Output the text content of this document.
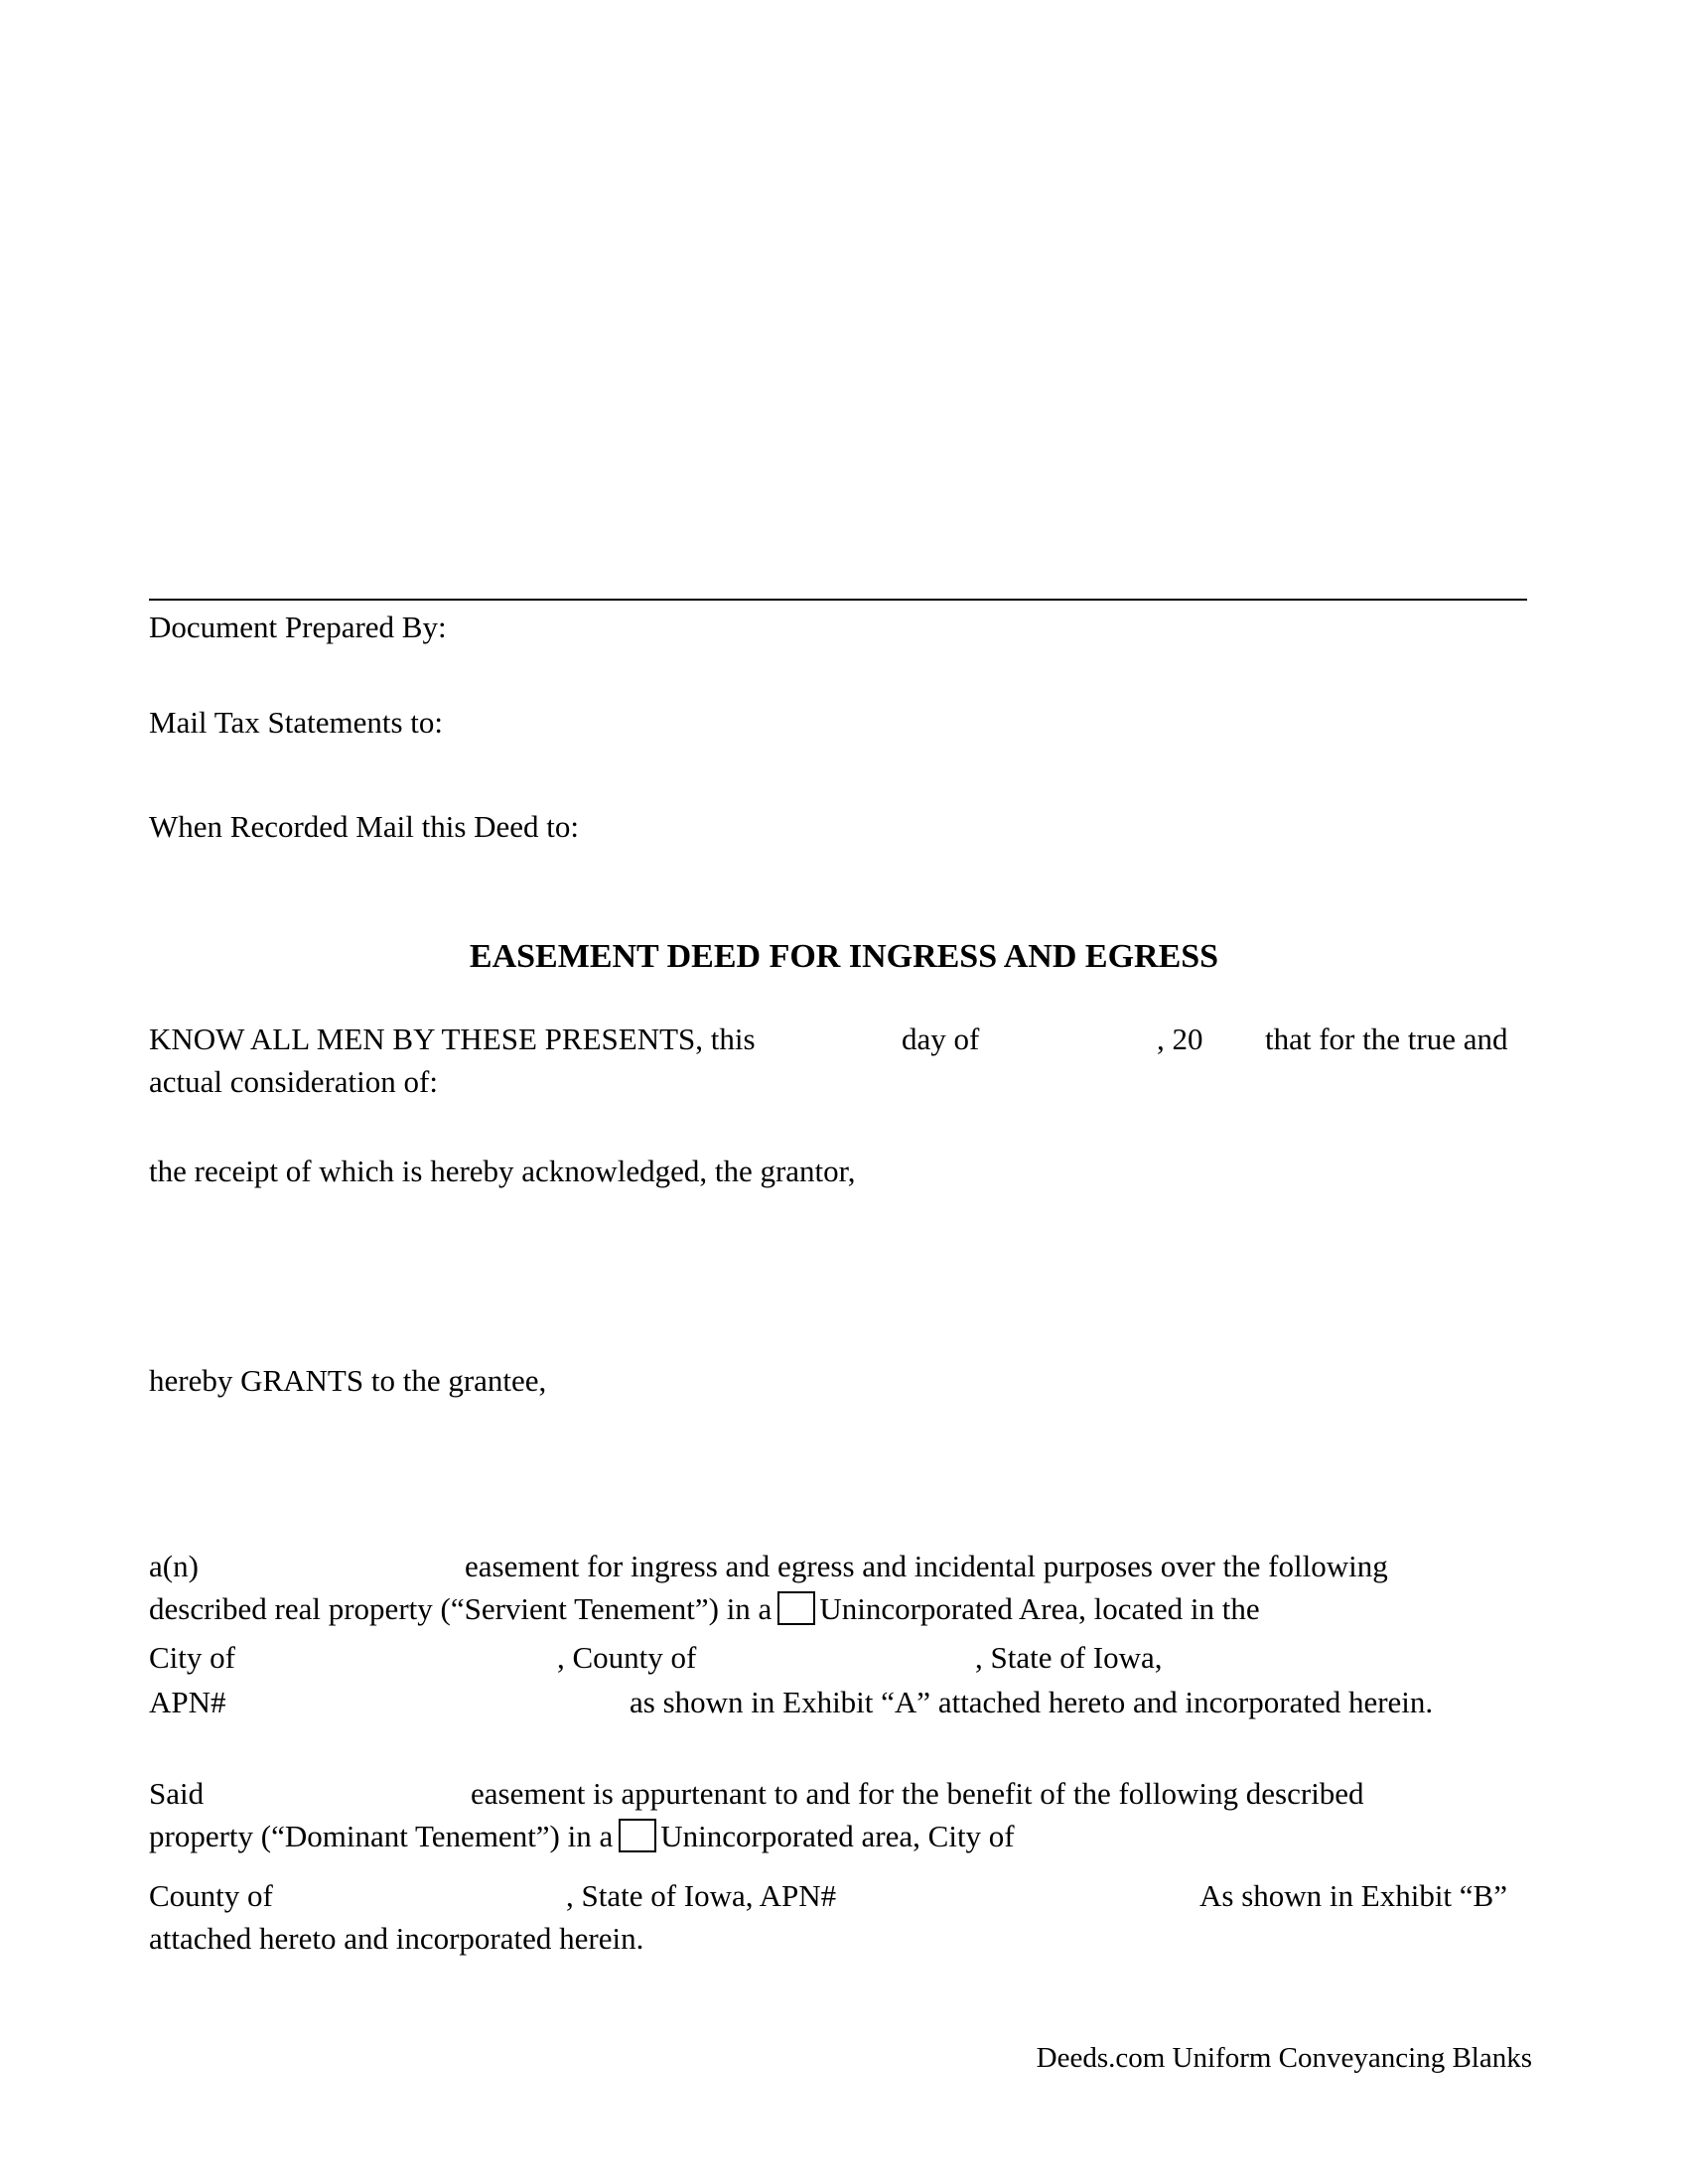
Document Prepared By:
Mail Tax Statements to:
When Recorded Mail this Deed to:
EASEMENT DEED FOR INGRESS AND EGRESS
KNOW ALL MEN BY THESE PRESENTS, this	day of	, 20 that for the true and
actual consideration of:
the receipt of which is hereby acknowledged, the grantor,
hereby GRANTS to the grantee,
a(n)	easement for ingress and egress and incidental purposes over the following
described real property (“Servient Tenement”) in a Unincorporated Area, located in the
City of	, County of	, State of Iowa,
APN#	as shown in Exhibit “A” attached hereto and incorporated herein.
Said	easement is appurtenant to and for the benefit of the following described
property (“Dominant Tenement”) in a Unincorporated area, City of
County of	, State of Iowa, APN#	As shown in Exhibit “B”
attached hereto and incorporated herein.
Deeds.com Uniform Conveyancing Blanks
